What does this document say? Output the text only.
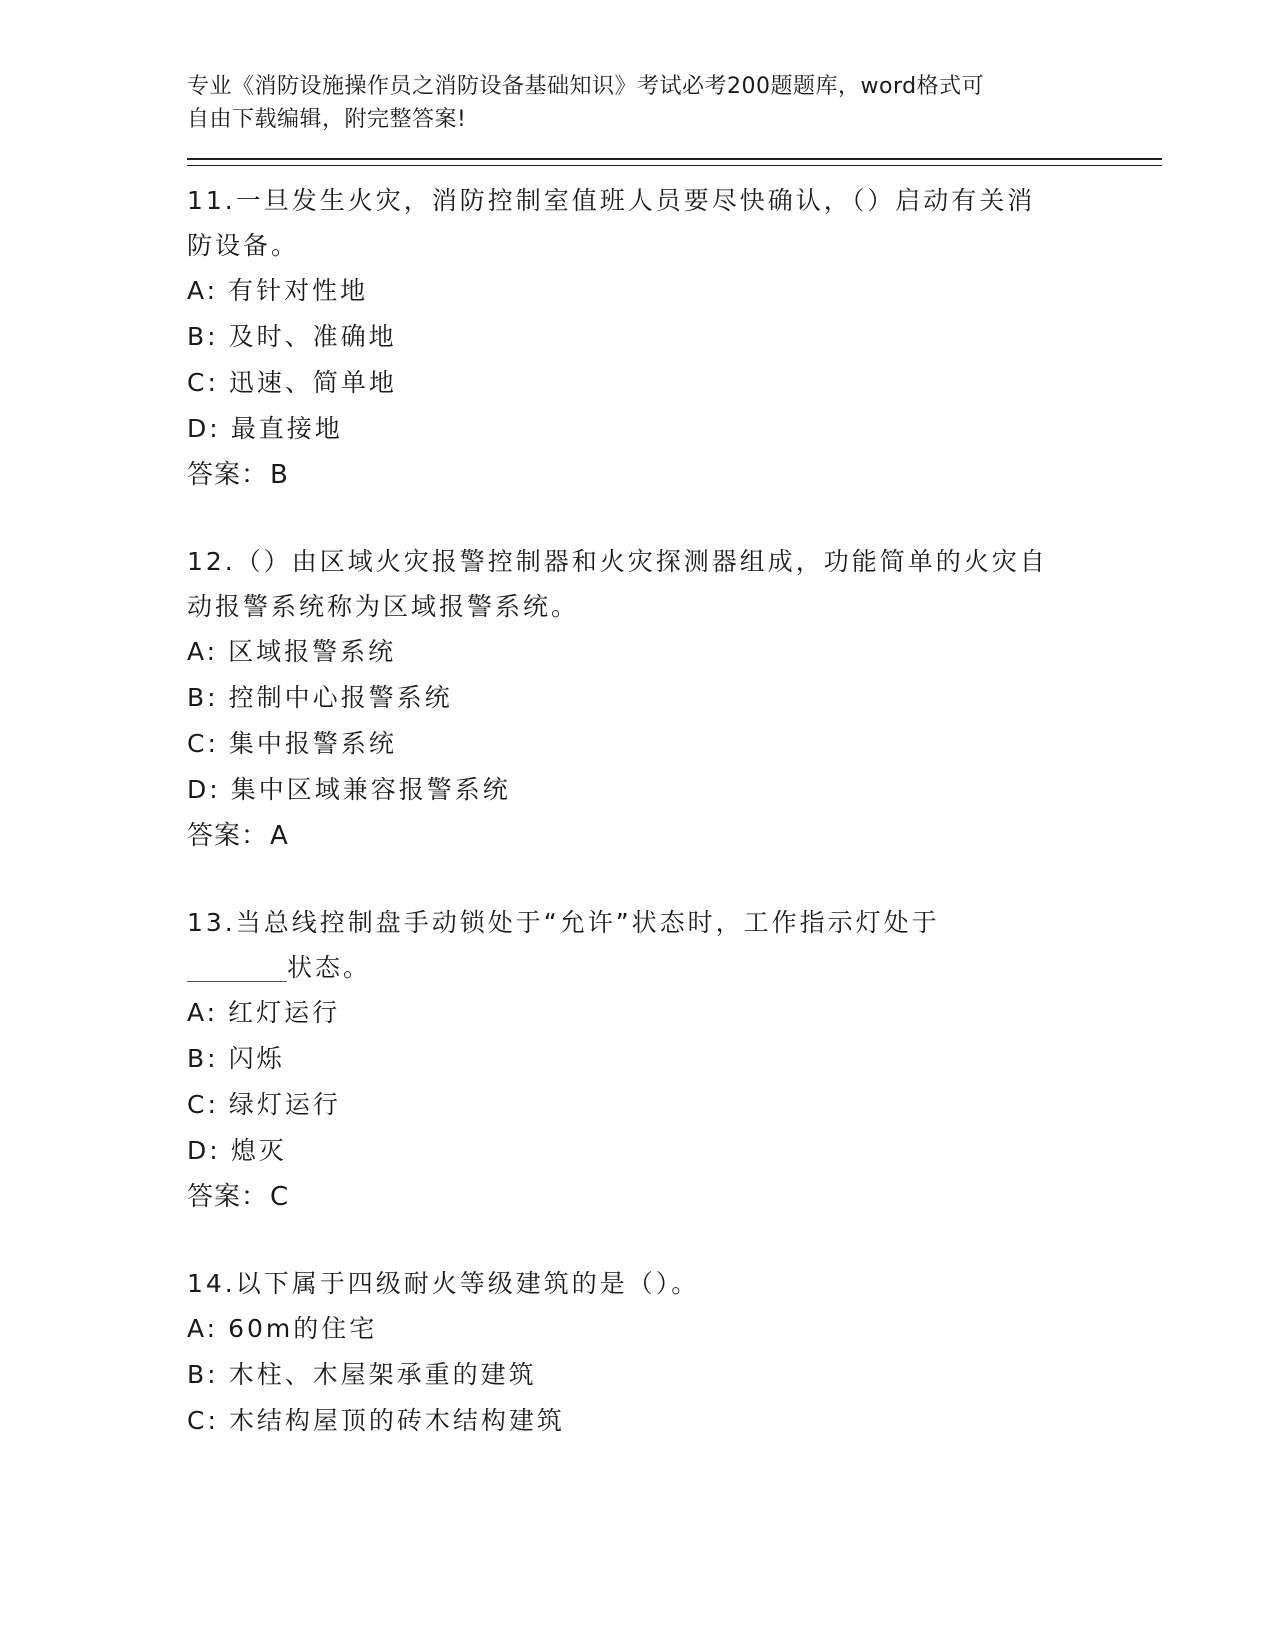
专业《消防设施操作员之消防设备基础知识》考试必考200题题库，word格式可
自由下载编辑，附完整答案!
11.一旦发生火灾，消防控制室值班人员要尽快确认，（）启动有关消
防设备。
A: 有针对性地
B: 及时、准确地
C: 迅速、简单地
D: 最直接地
答案：B
12.（）由区域火灾报警控制器和火灾探测器组成，功能简单的火灾自
动报警系统称为区域报警系统。
A: 区域报警系统
B: 控制中心报警系统
C: 集中报警系统
D: 集中区域兼容报警系统
答案：A
13.当总线控制盘手动锁处于“允许”状态时，工作指示灯处于
状态。
A: 红灯运行
B: 闪烁
C: 绿灯运行
D: 熄灭
答案：C
14.以下属于四级耐火等级建筑的是（）。
A: 60m的住宅
B: 木柱、木屋架承重的建筑
C: 木结构屋顶的砖木结构建筑
